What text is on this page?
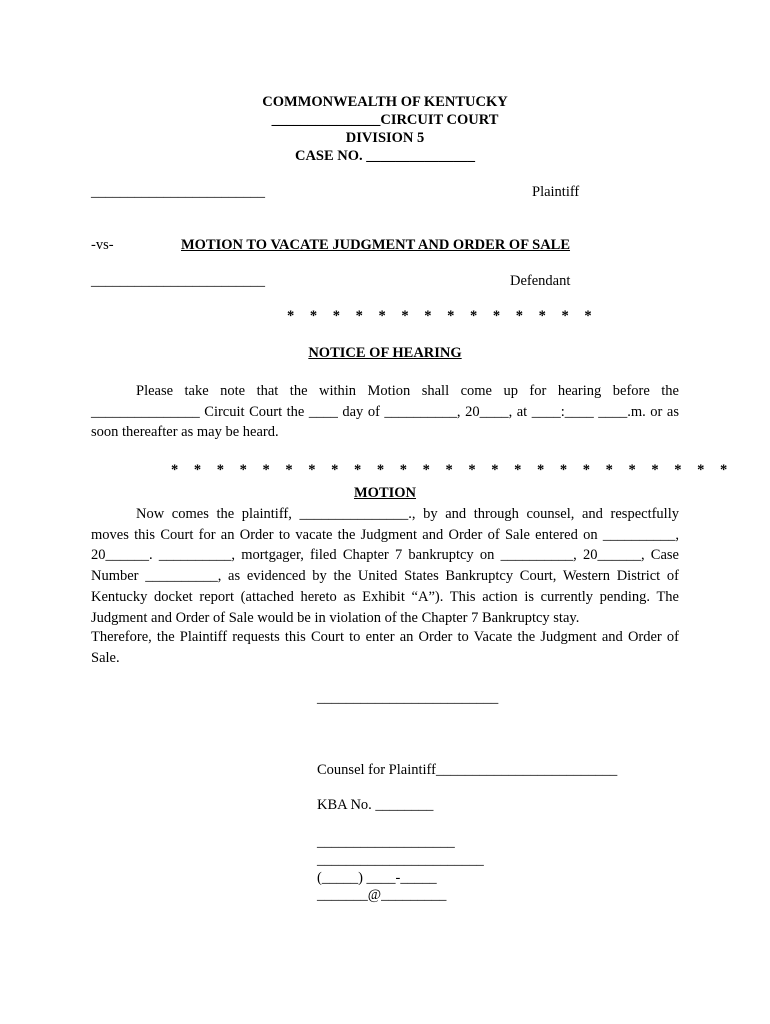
COMMONWEALTH OF KENTUCKY
_______________CIRCUIT COURT
DIVISION 5
CASE NO. _______________
________________________	Plaintiff
-vs-	MOTION TO VACATE JUDGMENT AND ORDER OF SALE
________________________	Defendant
* * * * * * * * * * * * * *
NOTICE OF HEARING
Please take note that the within Motion shall come up for hearing before the _______________ Circuit Court the ____ day of __________, 20____, at ____:____ ____.m. or as soon thereafter as may be heard.
* * * * * * * * * * * * * * * * * * * * * * * * *
MOTION
Now comes the plaintiff, _______________., by and through counsel, and respectfully moves this Court for an Order to vacate the Judgment and Order of Sale entered on __________, 20______. __________, mortgager, filed Chapter 7 bankruptcy on __________, 20______, Case Number __________, as evidenced by the United States Bankruptcy Court, Western District of Kentucky docket report (attached hereto as Exhibit “A”). This action is currently pending. The Judgment and Order of Sale would be in violation of the Chapter 7 Bankruptcy stay.
Therefore, the Plaintiff requests this Court to enter an Order to Vacate the Judgment and Order of Sale.
_________________________
Counsel for Plaintiff_________________________
KBA No. ________
___________________
_______________________
(_____) ____-_____
_______@_________
